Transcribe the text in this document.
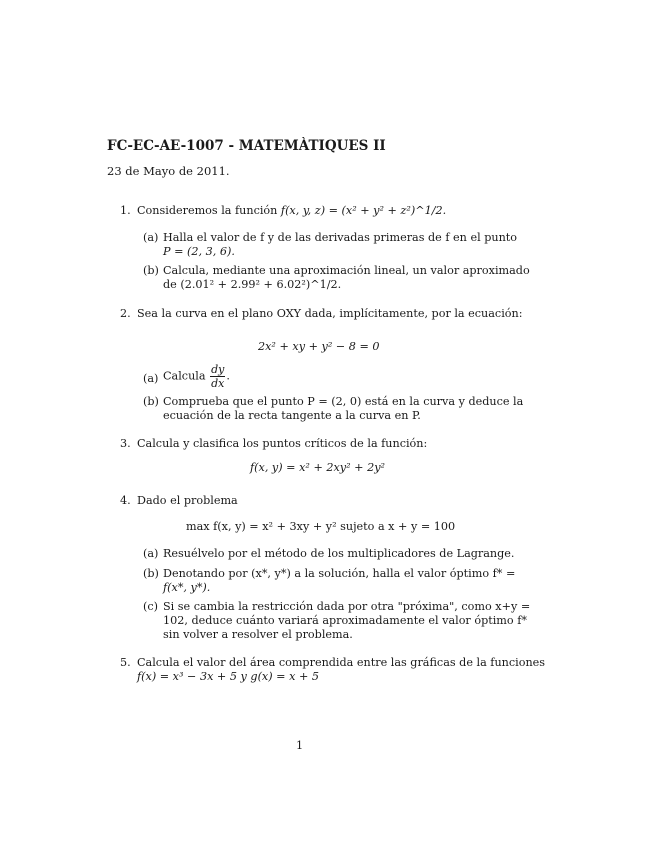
FC-EC-AE-1007 - MATEMÀTIQUES II
23 de Mayo de 2011.
1. Consideremos la función f(x, y, z) = (x² + y² + z²)^1/2.
(a) Halla el valor de f y de las derivadas primeras de f en el punto
P = (2, 3, 6).
(b) Calcula, mediante una aproximación lineal, un valor aproximado
de (2.01² + 2.99² + 6.02²)^1/2.
2. Sea la curva en el plano OXY dada, implícitamente, por la ecuación:
2x² + xy + y² − 8 = 0
(a) Calcula $\frac{dy}{dx}$ .
(b) Comprueba que el punto P = (2, 0) está en la curva y deduce la
ecuación de la recta tangente a la curva en P.
3. Calcula y clasifica los puntos críticos de la función:
f(x, y) = x² + 2xy² + 2y²
4. Dado el problema
max f(x, y) = x² + 3xy + y² sujeto a x + y = 100
(a) Resuélvelo por el método de los multiplicadores de Lagrange.
(b) Denotando por (x*, y*) a la solución, halla el valor óptimo f* =
f(x*, y*).
(c) Si se cambia la restricción dada por otra "próxima", como x+y =
102, deduce cuánto variará aproximadamente el valor óptimo f*
sin volver a resolver el problema.
5. Calcula el valor del área comprendida entre las gráficas de la funciones
f(x) = x³ − 3x + 5 y g(x) = x + 5
1
